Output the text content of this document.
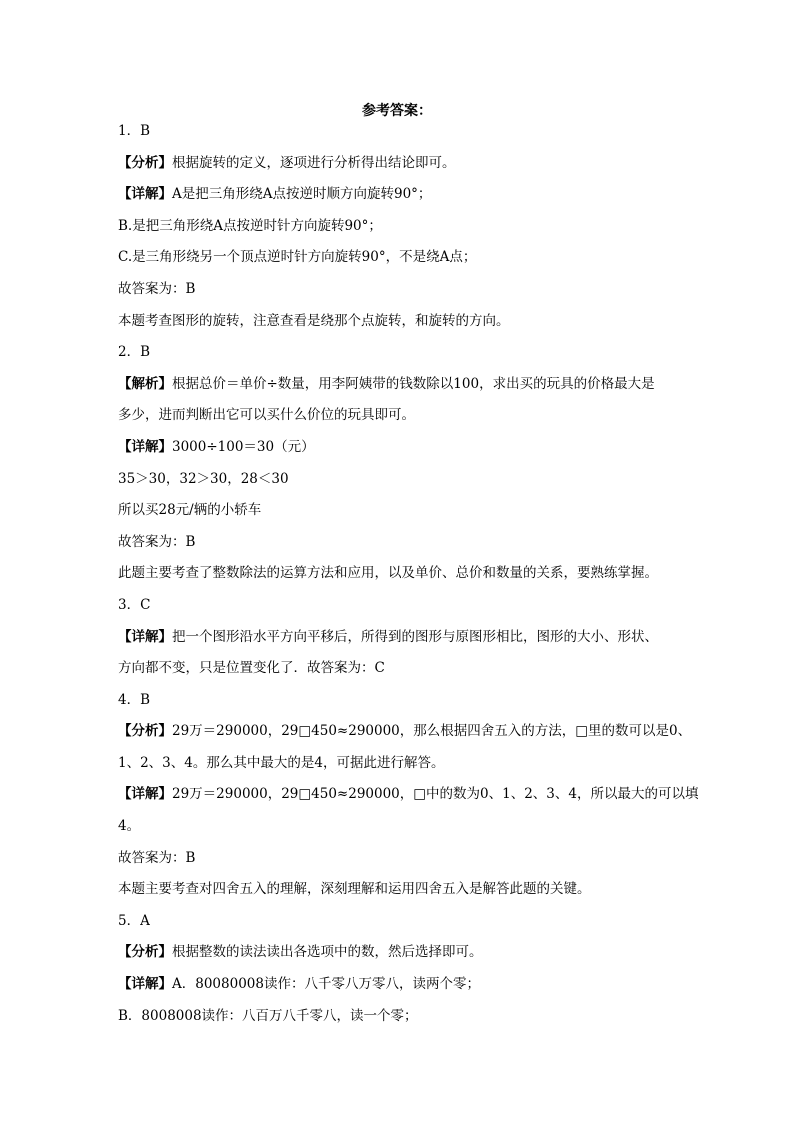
参考答案：
1．B
【分析】根据旋转的定义，逐项进行分析得出结论即可。
【详解】A是把三角形绕A点按逆时顺方向旋转90°；
B.是把三角形绕A点按逆时针方向旋转90°；
C.是三角形绕另一个顶点逆时针方向旋转90°，不是绕A点；
故答案为：B
本题考查图形的旋转，注意查看是绕那个点旋转，和旋转的方向。
2．B
【解析】根据总价＝单价÷数量，用李阿姨带的钱数除以100，求出买的玩具的价格最大是
多少，进而判断出它可以买什么价位的玩具即可。
【详解】3000÷100＝30（元）
35＞30，32＞30，28＜30
所以买28元/辆的小轿车
故答案为：B
此题主要考查了整数除法的运算方法和应用，以及单价、总价和数量的关系，要熟练掌握。
3．C
【详解】把一个图形沿水平方向平移后，所得到的图形与原图形相比，图形的大小、形状、
方向都不变，只是位置变化了．故答案为：C
4．B
【分析】29万＝290000，29□450≈290000，那么根据四舍五入的方法，□里的数可以是0、
1、2、3、4。那么其中最大的是4，可据此进行解答。
【详解】29万＝290000，29□450≈290000，□中的数为0、1、2、3、4，所以最大的可以填
4。
故答案为：B
本题主要考查对四舍五入的理解，深刻理解和运用四舍五入是解答此题的关键。
5．A
【分析】根据整数的读法读出各选项中的数，然后选择即可。
【详解】A．80080008读作：八千零八万零八，读两个零；
B．8008008读作：八百万八千零八，读一个零；
